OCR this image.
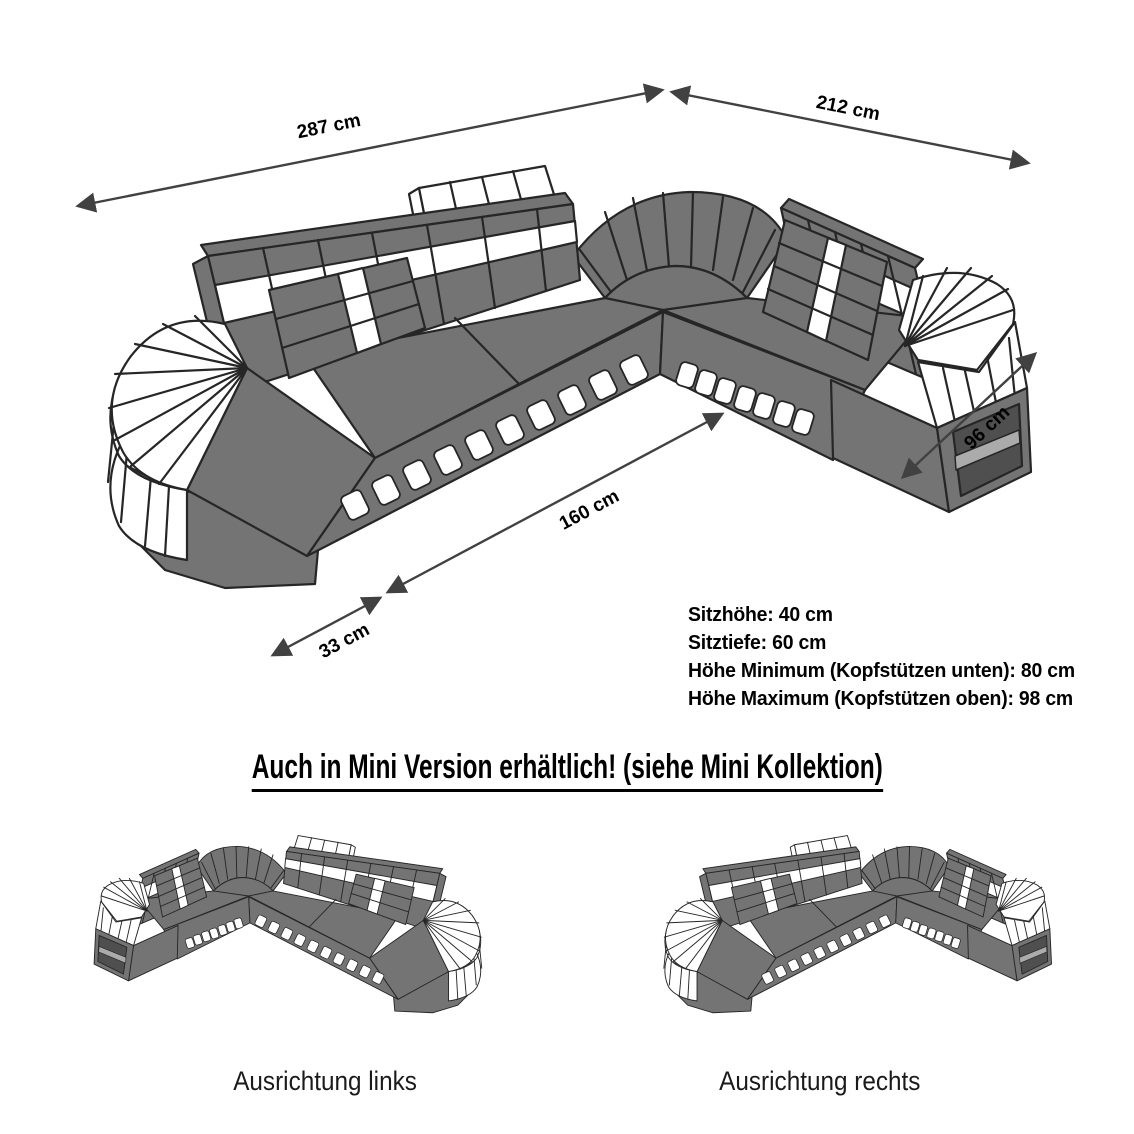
287 cm
212 cm
96 cm
160 cm
33 cm
Sitzhöhe: 40 cm
Sitztiefe: 60 cm
Höhe Minimum (Kopfstützen unten): 80 cm
Höhe Maximum (Kopfstützen oben): 98 cm
Auch in Mini Version erhältlich! (siehe Mini Kollektion)
Ausrichtung links	Ausrichtung rechts
